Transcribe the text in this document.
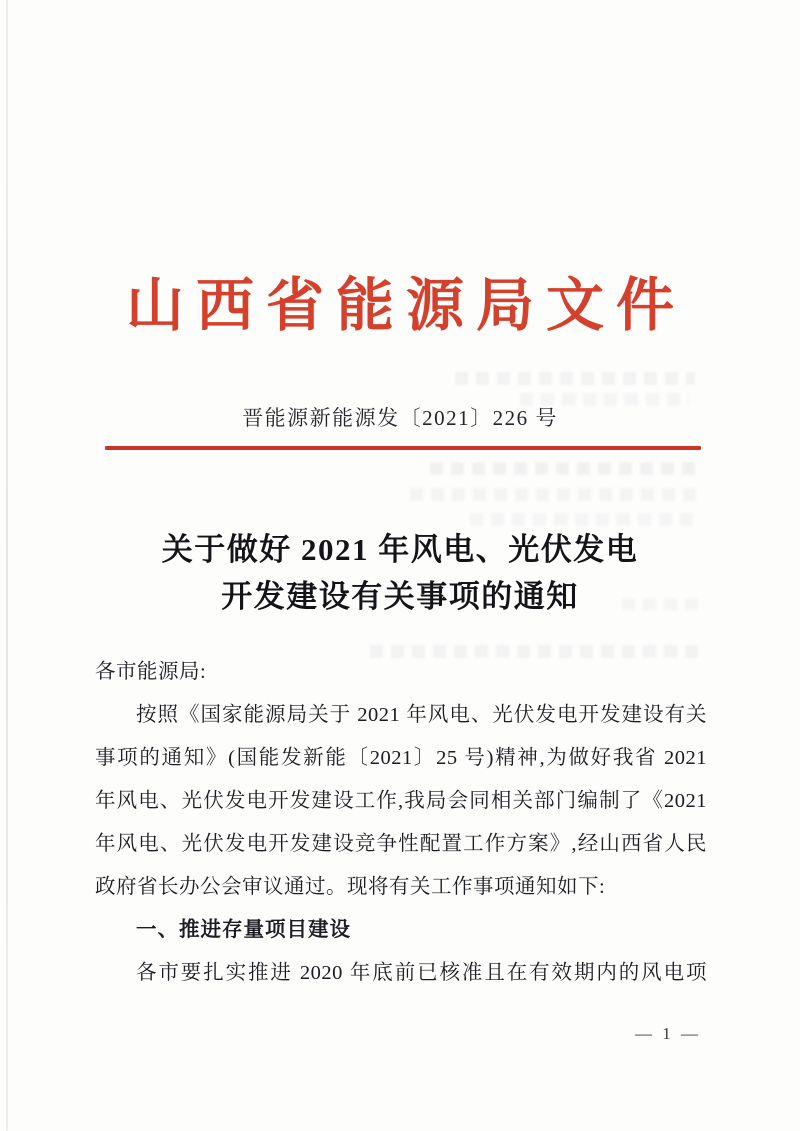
山西省能源局文件
晋能源新能源发〔2021〕226 号
关于做好 2021 年风电、光伏发电
开发建设有关事项的通知
各市能源局:
按照《国家能源局关于 2021 年风电、光伏发电开发建设有关
事项的通知》(国能发新能〔2021〕25 号)精神,为做好我省 2021
年风电、光伏发电开发建设工作,我局会同相关部门编制了《2021
年风电、光伏发电开发建设竞争性配置工作方案》,经山西省人民
政府省长办公会审议通过。现将有关工作事项通知如下:
一、推进存量项目建设
各市要扎实推进 2020 年底前已核准且在有效期内的风电项
— 1 —
